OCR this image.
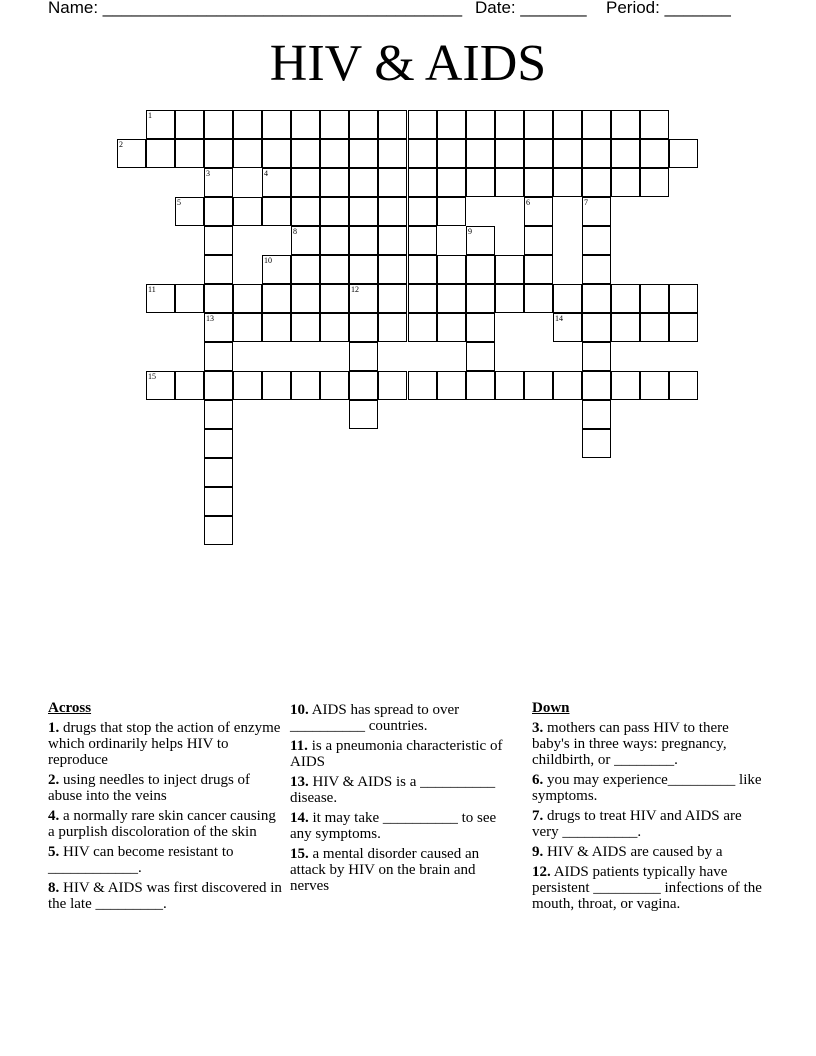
Name: ______________________________________

Date: _______

Period: _______

HIV & AIDS
1
2
3
13
4
5	6	7
8	9
10
11	12
14
15
Across
1. drugs that stop the action of enzyme which ordinarily helps HIV to reproduce
2. using needles to inject drugs of abuse into the veins
4. a normally rare skin cancer causing a purplish discoloration of the skin
5. HIV can become resistant to ____________.
8. HIV & AIDS was first discovered in the late _________.
10. AIDS has spread to over __________ countries.
11. is a pneumonia characteristic of AIDS
13. HIV & AIDS is a __________ disease.
14. it may take __________ to see any symptoms.
15. a mental disorder caused an attack by HIV on the brain and nerves
Down
3. mothers can pass HIV to there baby's in three ways: pregnancy, childbirth, or ________.
6. you may experience_________ like symptoms.
7. drugs to treat HIV and AIDS are very __________.
9. HIV & AIDS are caused by a
12. AIDS patients typically have persistent _________ infections of the mouth, throat, or vagina.
